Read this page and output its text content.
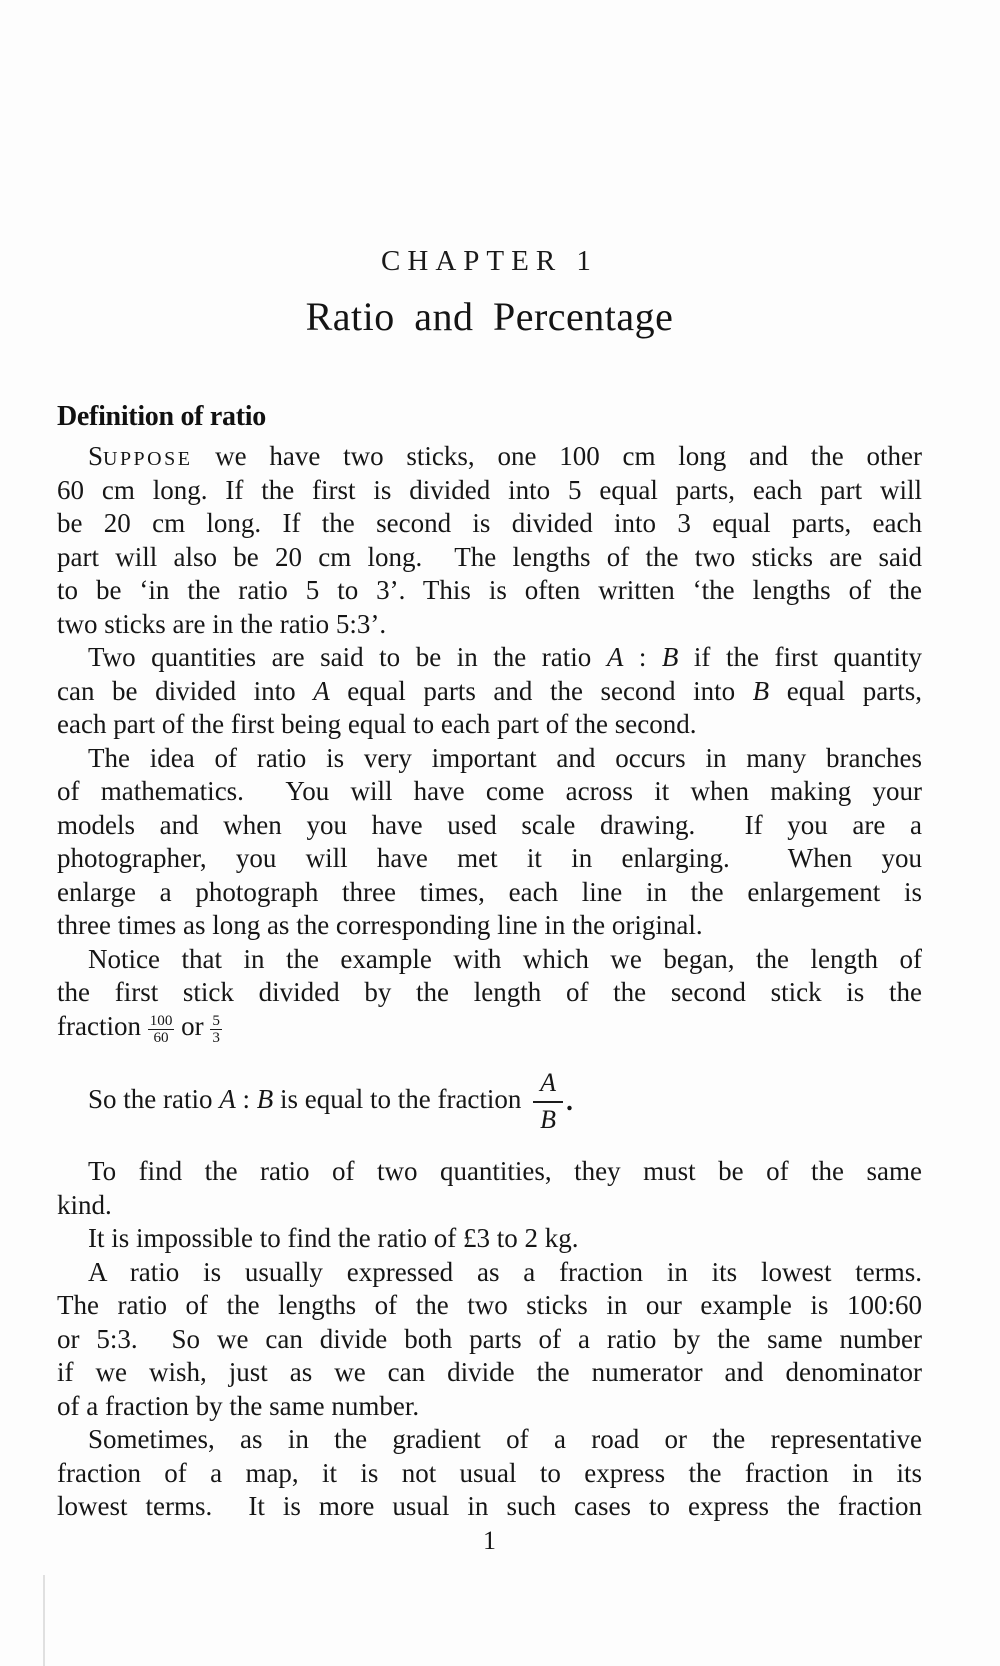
CHAPTER 1
Ratio and Percentage
Definition of ratio
SUPPOSE we have two sticks, one 100 cm long and the other
60 cm long. If the first is divided into 5 equal parts, each part will
be 20 cm long. If the second is divided into 3 equal parts, each
part will also be 20 cm long.  The lengths of the two sticks are said
to be ‘in the ratio 5 to 3’. This is often written ‘the lengths of the
two sticks are in the ratio 5:3’.
Two quantities are said to be in the ratio A : B if the first quantity
can be divided into A equal parts and the second into B equal parts,
each part of the first being equal to each part of the second.
The idea of ratio is very important and occurs in many branches
of mathematics.  You will have come across it when making your
models and when you have used scale drawing.  If you are a
photographer, you will have met it in enlarging.  When you
enlarge a photograph three times, each line in the enlargement is
three times as long as the corresponding line in the original.
Notice that in the example with which we began, the length of
the first stick divided by the length of the second stick is the
fraction $\frac{100}{60}$ or $\frac{5}{3}$
So the ratio A : B is equal to the fraction $\frac{A}{B}$ .
To find the ratio of two quantities, they must be of the same
kind.
It is impossible to find the ratio of £3 to 2 kg.
A ratio is usually expressed as a fraction in its lowest terms.
The ratio of the lengths of the two sticks in our example is 100:60
or 5:3.  So we can divide both parts of a ratio by the same number
if we wish, just as we can divide the numerator and denominator
of a fraction by the same number.
Sometimes, as in the gradient of a road or the representative
fraction of a map, it is not usual to express the fraction in its
lowest terms.  It is more usual in such cases to express the fraction
1
